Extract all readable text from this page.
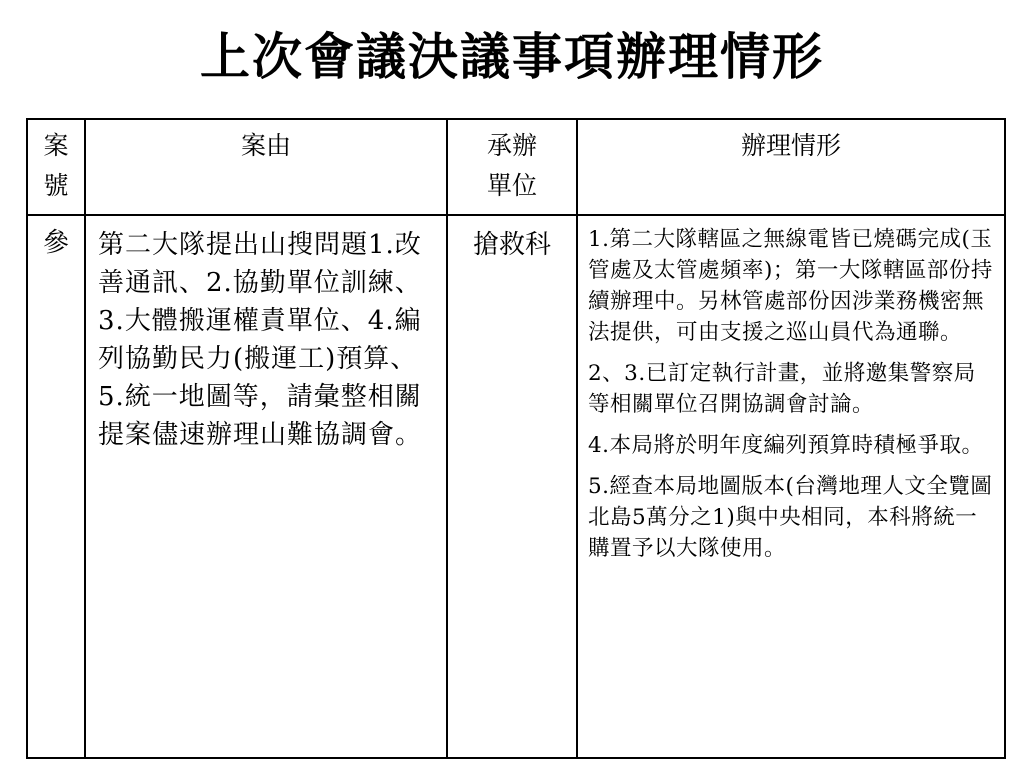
上次會議決議事項辦理情形
案號	案由	承辦單位	辦理情形
參	第二大隊提出山搜問題1.改善通訊、2.協勤單位訓練、3.大體搬運權責單位、4.編列協勤民力(搬運工)預算、5.統一地圖等，請彙整相關提案儘速辦理山難協調會。	搶救科	1.第二大隊轄區之無線電皆已燒碼完成(玉管處及太管處頻率)；第一大隊轄區部份持續辦理中。另林管處部份因涉業務機密無法提供，可由支援之巡山員代為通聯。

2、3.已訂定執行計畫，並將邀集警察局等相關單位召開協調會討論。

4.本局將於明年度編列預算時積極爭取。

5.經查本局地圖版本(台灣地理人文全覽圖北島5萬分之1)與中央相同，本科將統一購置予以大隊使用。
